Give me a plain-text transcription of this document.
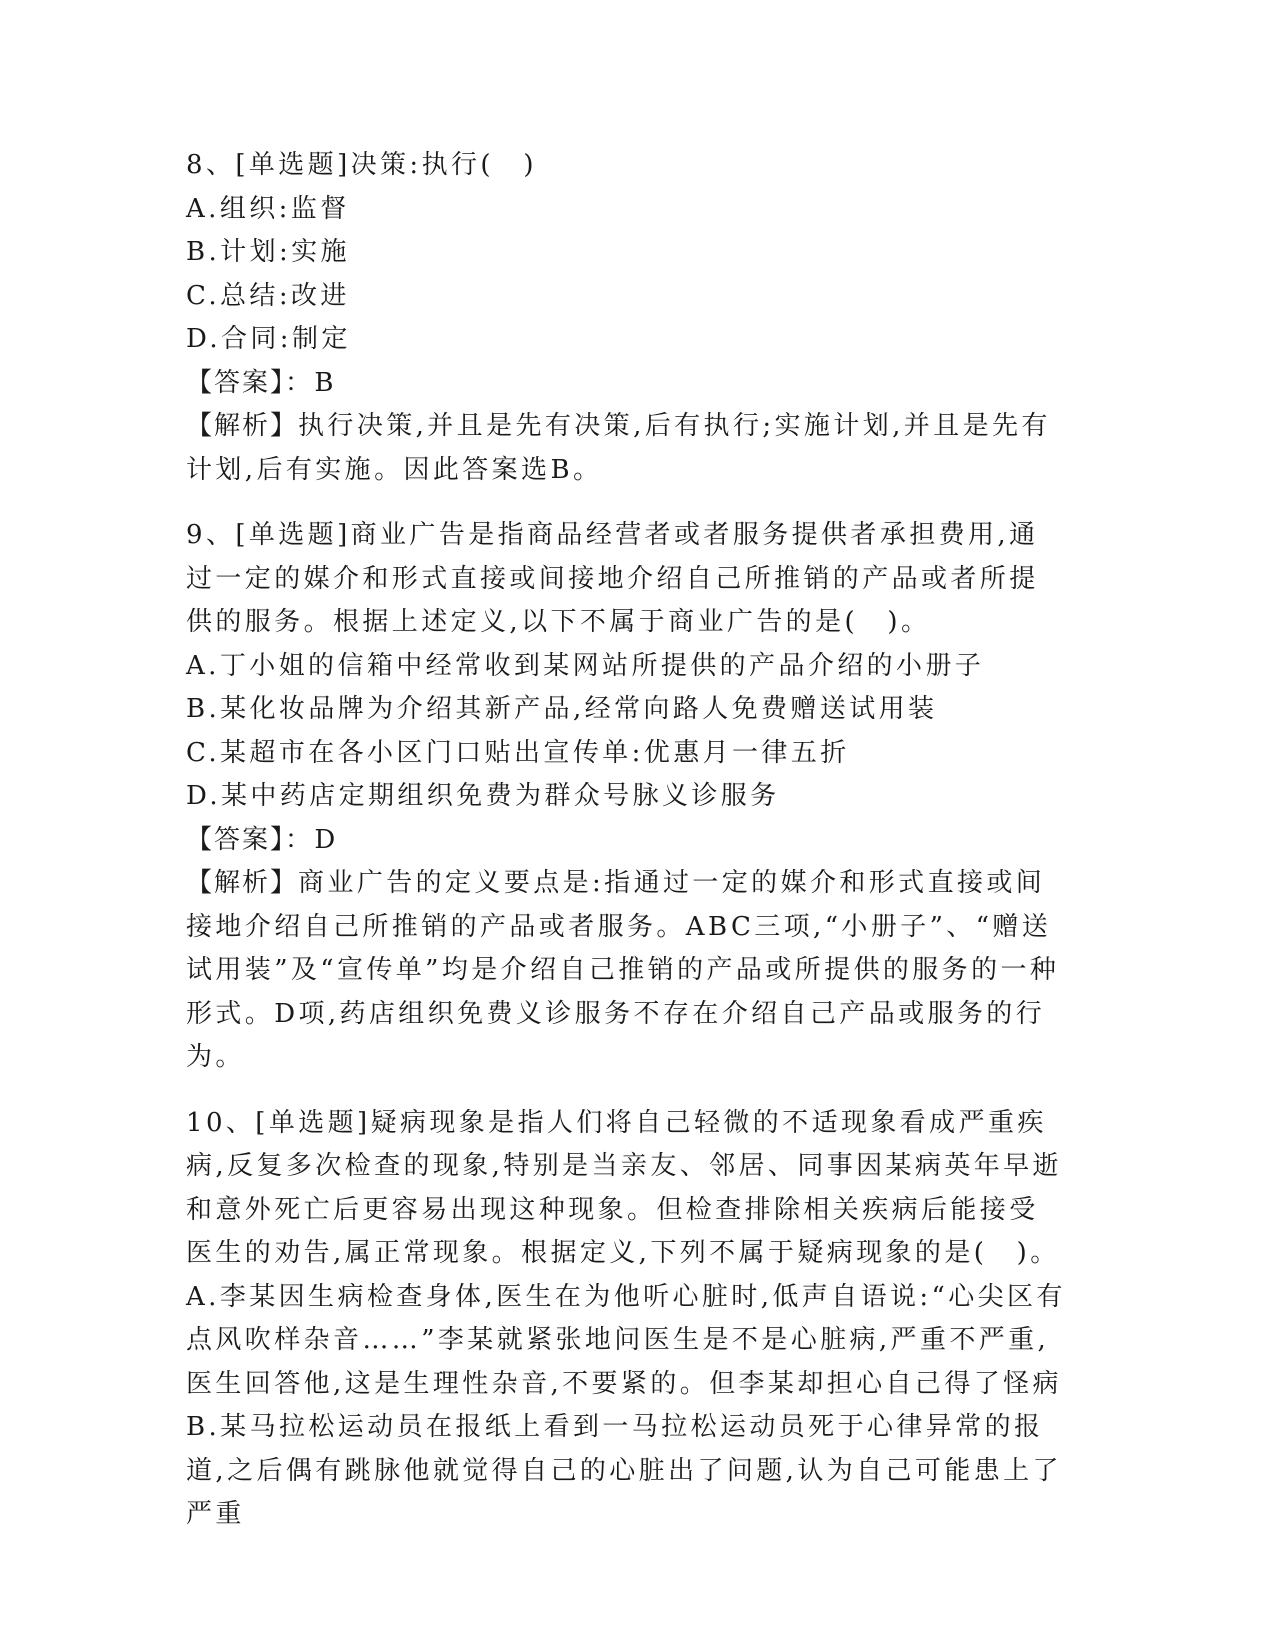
8、[单选题]决策:执行(　)
A.组织:监督
B.计划:实施
C.总结:改进
D.合同:制定
【答案】：B
【解析】执行决策,并且是先有决策,后有执行;实施计划,并且是先有计划,后有实施。因此答案选B。
9、[单选题]商业广告是指商品经营者或者服务提供者承担费用,通过一定的媒介和形式直接或间接地介绍自己所推销的产品或者所提供的服务。根据上述定义,以下不属于商业广告的是(　)。
A.丁小姐的信箱中经常收到某网站所提供的产品介绍的小册子
B.某化妆品牌为介绍其新产品,经常向路人免费赠送试用装
C.某超市在各小区门口贴出宣传单:优惠月一律五折
D.某中药店定期组织免费为群众号脉义诊服务
【答案】：D
【解析】商业广告的定义要点是:指通过一定的媒介和形式直接或间接地介绍自己所推销的产品或者服务。ABC三项,“小册子”、“赠送试用装”及“宣传单”均是介绍自己推销的产品或所提供的服务的一种形式。D项,药店组织免费义诊服务不存在介绍自己产品或服务的行为。
10、[单选题]疑病现象是指人们将自己轻微的不适现象看成严重疾病,反复多次检查的现象,特别是当亲友、邻居、同事因某病英年早逝和意外死亡后更容易出现这种现象。但检查排除相关疾病后能接受医生的劝告,属正常现象。根据定义,下列不属于疑病现象的是(　)。
A.李某因生病检查身体,医生在为他听心脏时,低声自语说:“心尖区有点风吹样杂音……”李某就紧张地问医生是不是心脏病,严重不严重,医生回答他,这是生理性杂音,不要紧的。但李某却担心自己得了怪病
B.某马拉松运动员在报纸上看到一马拉松运动员死于心律异常的报道,之后偶有跳脉他就觉得自己的心脏出了问题,认为自己可能患上了严重
